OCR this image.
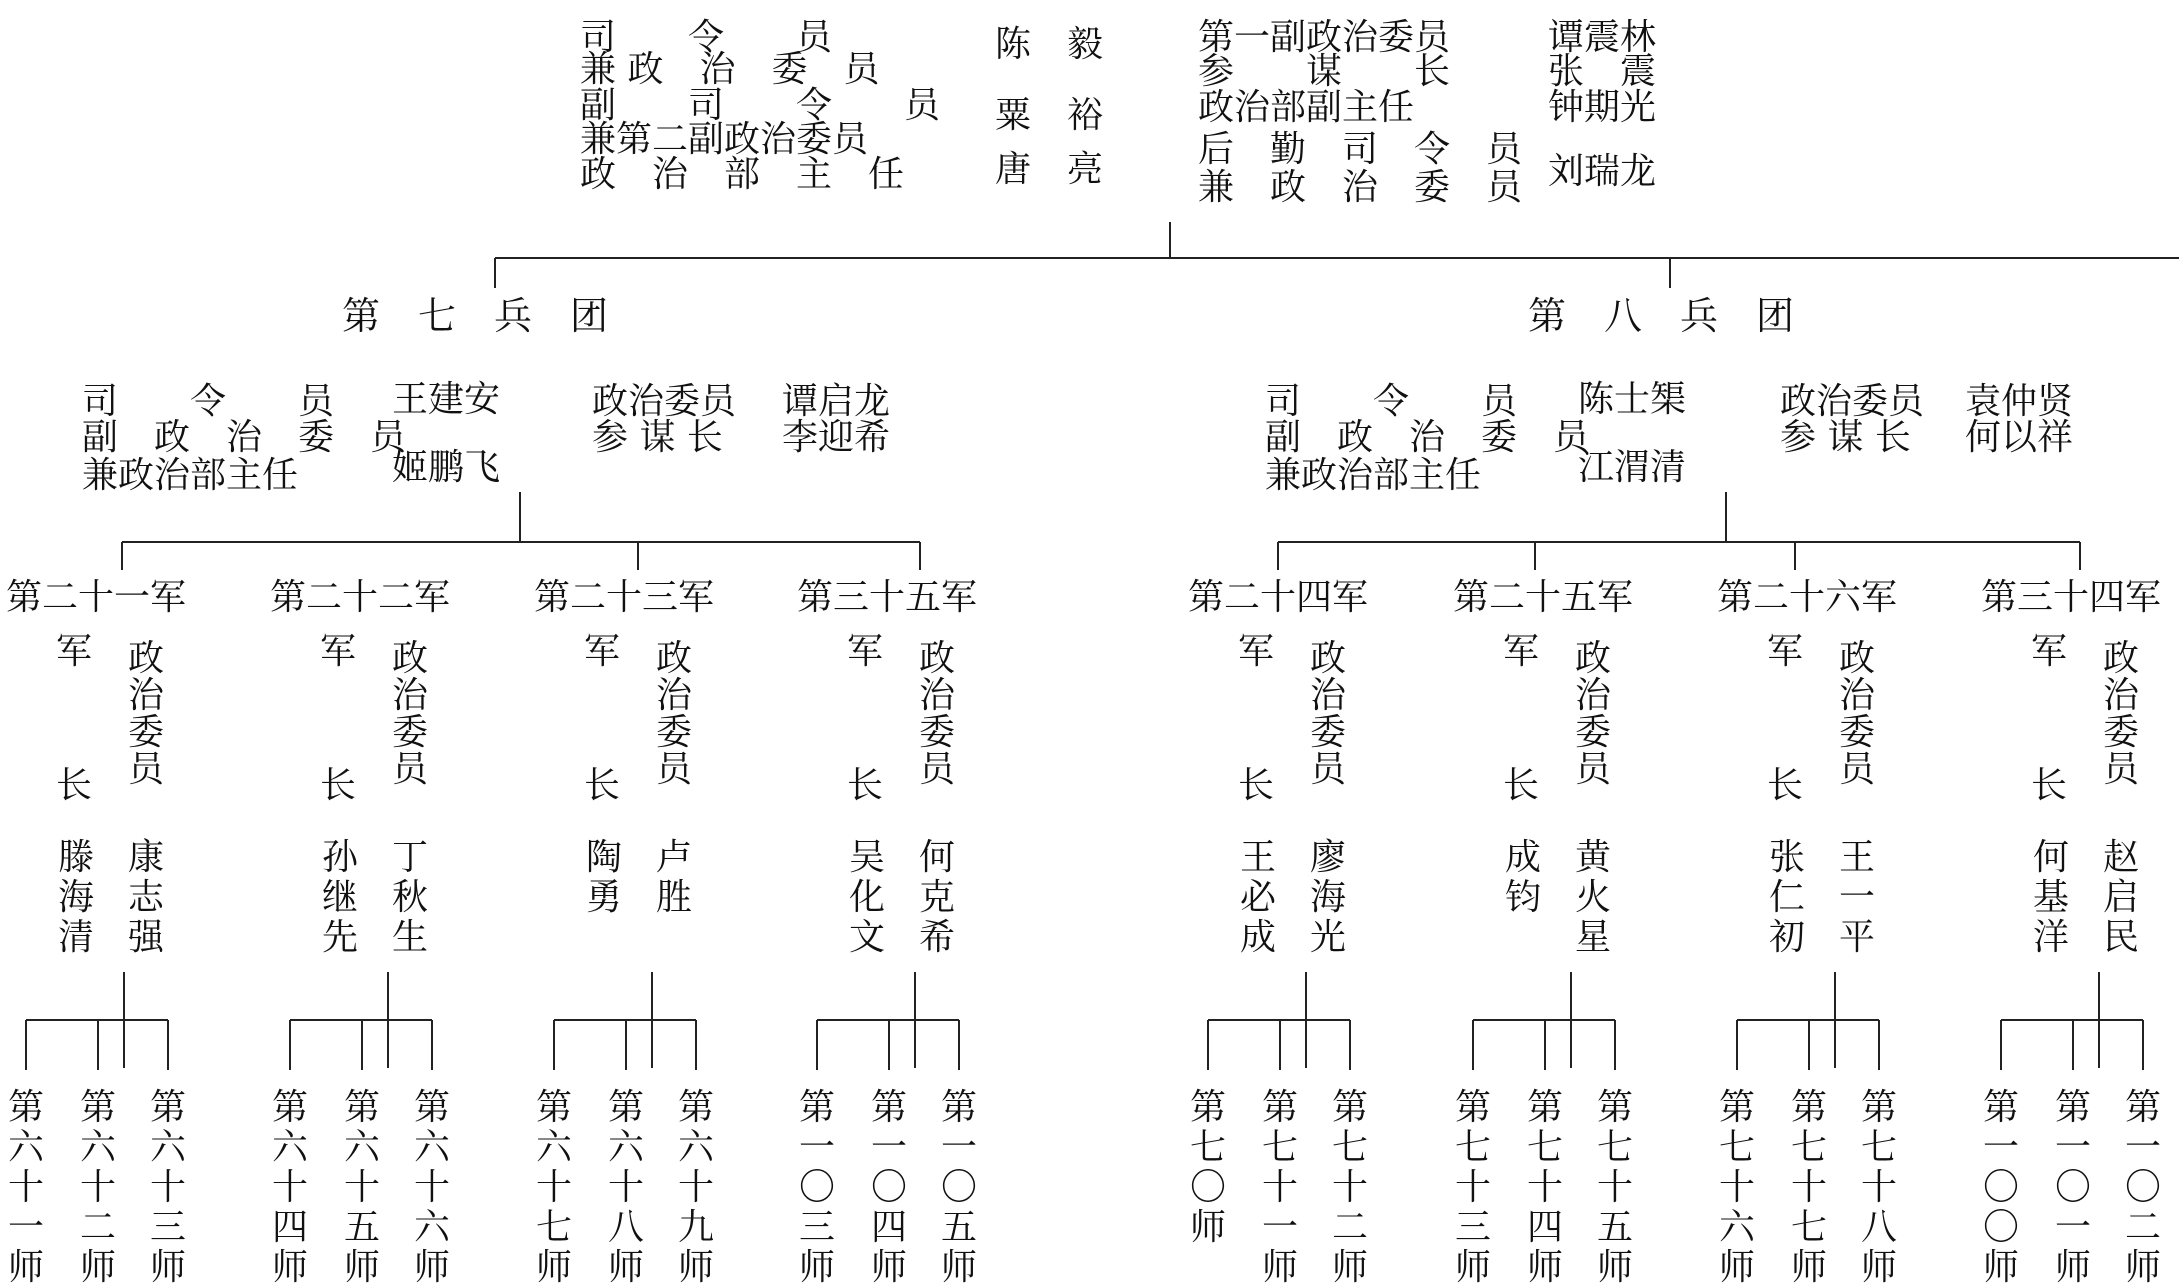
司　　令　　员
兼 政　治　委　员
副　　司　　令　　员
兼第二副政治委员
政　治　部　主　任
陈　毅
粟　裕
唐　亮
第一副政治委员
参　　谋　　长
政治部副主任
后　勤　司　令　员
兼　政　治　委　员
谭震林
张　震
钟期光
刘瑞龙
第　七　兵　团
司　　令　　员
副　政　治　委　员
兼政治部主任
王建安
姬鹏飞
政治委员
参 谋 长
谭启龙
李迎希
第　八　兵　团
司　　令　　员
副　政　治　委　员
兼政治部主任
陈士榘
江渭清
政治委员
参 谋 长
袁仲贤
何以祥
第二十一军
军
长
政治委员
滕海清
康志强
第六十一师
第六十二师
第六十三师
第二十二军
军
长
政治委员
孙继先
丁秋生
第六十四师
第六十五师
第六十六师
第二十三军
军
长
政治委员
陶勇
卢胜
第六十七师
第六十八师
第六十九师
第三十五军
军
长
政治委员
吴化文
何克希
第一〇三师
第一〇四师
第一〇五师
第二十四军
军
长
政治委员
王必成
廖海光
第七〇师
第七十一师
第七十二师
第二十五军
军
长
政治委员
成钧
黄火星
第七十三师
第七十四师
第七十五师
第二十六军
军
长
政治委员
张仁初
王一平
第七十六师
第七十七师
第七十八师
第三十四军
军
长
政治委员
何基洋
赵启民
第一〇〇师
第一〇一师
第一〇二师
